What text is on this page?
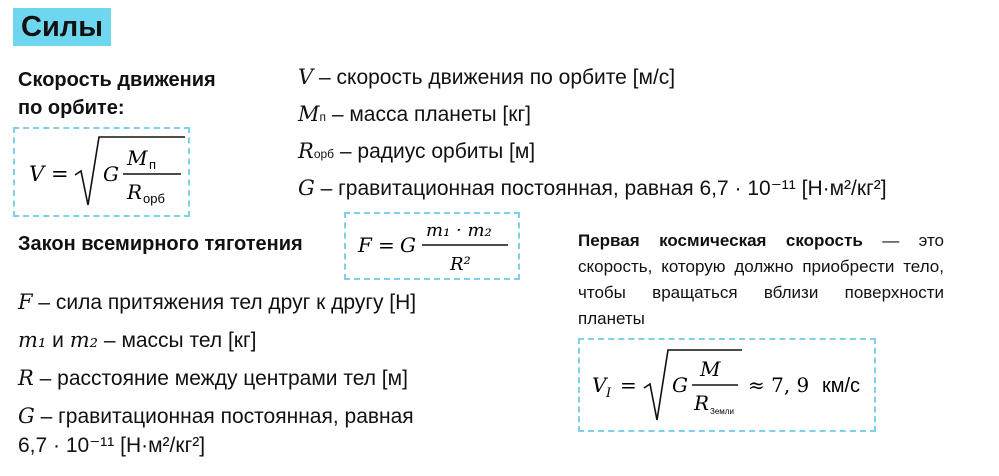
Силы
Скорость движения
по орбите:
V = G
M п
R орб
V – скорость движения по орбите [м/с]
Mп – масса планеты [кг]
Rорб – радиус орбиты [м]
G – гравитационная постоянная, равная 6,7 · 10⁻¹¹ [Н·м²/кг²]
Закон всемирного тяготения	F = G
m₁ · m₂
R²
F – сила притяжения тел друг к другу [Н]
m₁ и m₂ – массы тел [кг]
R – расстояние между центрами тел [м]
G – гравитационная постоянная, равная
6,7 · 10⁻¹¹ [Н·м²/кг²]
Первая космическая скорость — это скорость, которую должно приобрести тело, чтобы вращаться вблизи поверхности планеты
V I = G
M
R Земли
≈ 7, 9 км/с
